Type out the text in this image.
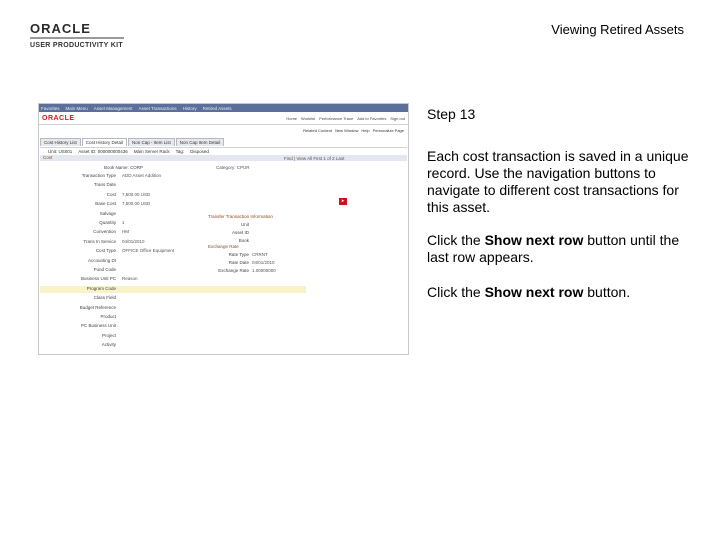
ORACLE
USER PRODUCTIVITY KIT
Viewing Retired Assets
Favorites Main Menu Asset Management Asset Transactions History Retired Assets
ORACLE	Home Worklist Performance Trace Add to Favorites Sign out
Related Content New Window Help Personalize Page
Cost History List	Cost History Detail	Non Cap - Item List	Non Cap Item Detail
Unit: US001 Asset ID: 000000000436 Main Server Rack Tag: Disposed
Cost	Find | View All First 1 of 2 Last
Book Name: CORP	Category: CPUR
▸
Transaction Type ADD Asset Addition
Trans Date
Cost 7,500.00 USD
Base Cost 7,500.00 USD
Salvage
Quantity 1
Convention HM
Trans In Service 04/01/2010
Cost Type OFFICE Office Equipment
Accounting Dt
Fund Code
Business Unit PC Reason
Program Code
Class Field
Budget Reference
Product
PC Business Unit
Project
Activity
Transfer Transaction Information
Unit
Asset ID
Book
Exchange Rate
Rate Type CRRNT
Rate Date 04/01/2010
Exchange Rate 1.00000000
Step 13
Each cost transaction is saved in a unique record. Use the navigation buttons to navigate to different cost transactions for this asset.
Click the Show next row button until the last row appears.
Click the Show next row button.
